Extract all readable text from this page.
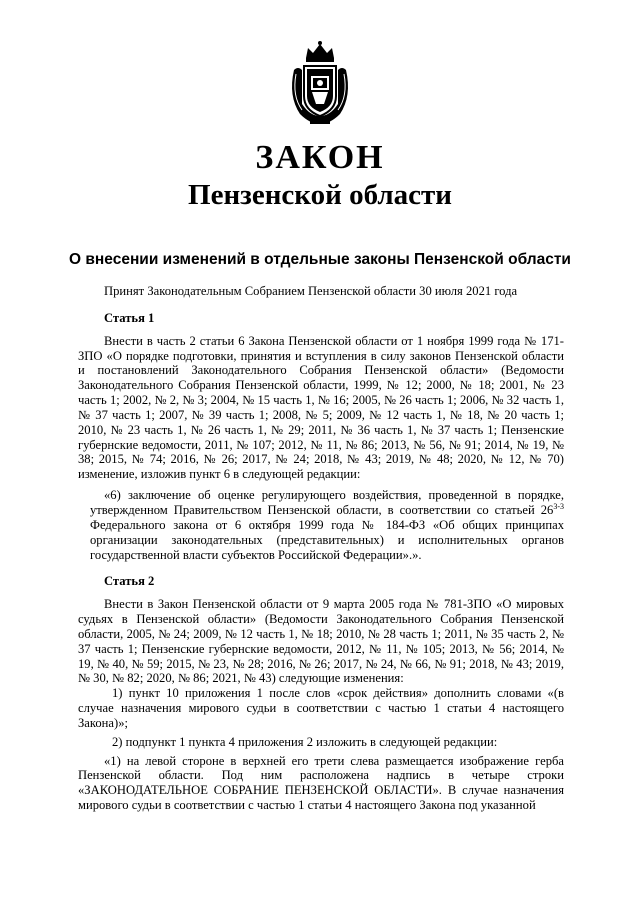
ЗАКОН
Пензенской области
О внесении изменений в отдельные законы Пензенской области

Принят Законодательным Собранием Пензенской области 30 июля 2021 года

Статья 1

Внести в часть 2 статьи 6 Закона Пензенской области от 1 ноября 1999 года № 171-ЗПО «О порядке подготовки, принятия и вступления в силу законов Пензенской области и постановлений Законодательного Собрания Пензенской области» (Ведомости Законодательного Собрания Пензенской области, 1999, № 12; 2000, № 18; 2001, № 23 часть 1; 2002, № 2, № 3; 2004, № 15 часть 1, № 16; 2005, № 26 часть 1; 2006, № 32 часть 1, № 37 часть 1; 2007, № 39 часть 1; 2008, № 5; 2009, № 12 часть 1, № 18, № 20 часть 1; 2010, № 23 часть 1, № 26 часть 1, № 29; 2011, № 36 часть 1, № 37 часть 1; Пензенские губернские ведомости, 2011, № 107; 2012, № 11, № 86; 2013, № 56, № 91; 2014, № 19, № 38; 2015, № 74; 2016, № 26; 2017, № 24; 2018, № 43; 2019, № 48; 2020, № 12, № 70) изменение, изложив пункт 6 в следующей редакции:

«6) заключение об оценке регулирующего воздействия, проведенной в порядке, утвержденном Правительством Пензенской области, в соответствии со статьей 26$^{3-3}$ Федерального закона от 6 октября 1999 года № 184-ФЗ «Об общих принципах организации законодательных (представительных) и исполнительных органов государственной власти субъектов Российской Федерации».».

Статья 2

Внести в Закон Пензенской области от 9 марта 2005 года № 781-ЗПО «О мировых судьях в Пензенской области» (Ведомости Законодательного Собрания Пензенской области, 2005, № 24; 2009, № 12 часть 1, № 18; 2010, № 28 часть 1; 2011, № 35 часть 2, № 37 часть 1; Пензенские губернские ведомости, 2012, № 11, № 105; 2013, № 56; 2014, № 19, № 40, № 59; 2015, № 23, № 28; 2016, № 26; 2017, № 24, № 66, № 91; 2018, № 43; 2019, № 30, № 82; 2020, № 86; 2021, № 43) следующие изменения:

1) пункт 10 приложения 1 после слов «срок действия» дополнить словами «(в случае назначения мирового судьи в соответствии с частью 1 статьи 4 настоящего Закона)»;

2) подпункт 1 пункта 4 приложения 2 изложить в следующей редакции:

«1) на левой стороне в верхней его трети слева размещается изображение герба Пензенской области. Под ним расположена надпись в четыре строки «ЗАКОНОДАТЕЛЬНОЕ СОБРАНИЕ ПЕНЗЕНСКОЙ ОБЛАСТИ». В случае назначения мирового судьи в соответствии с частью 1 статьи 4 настоящего Закона под указанной
